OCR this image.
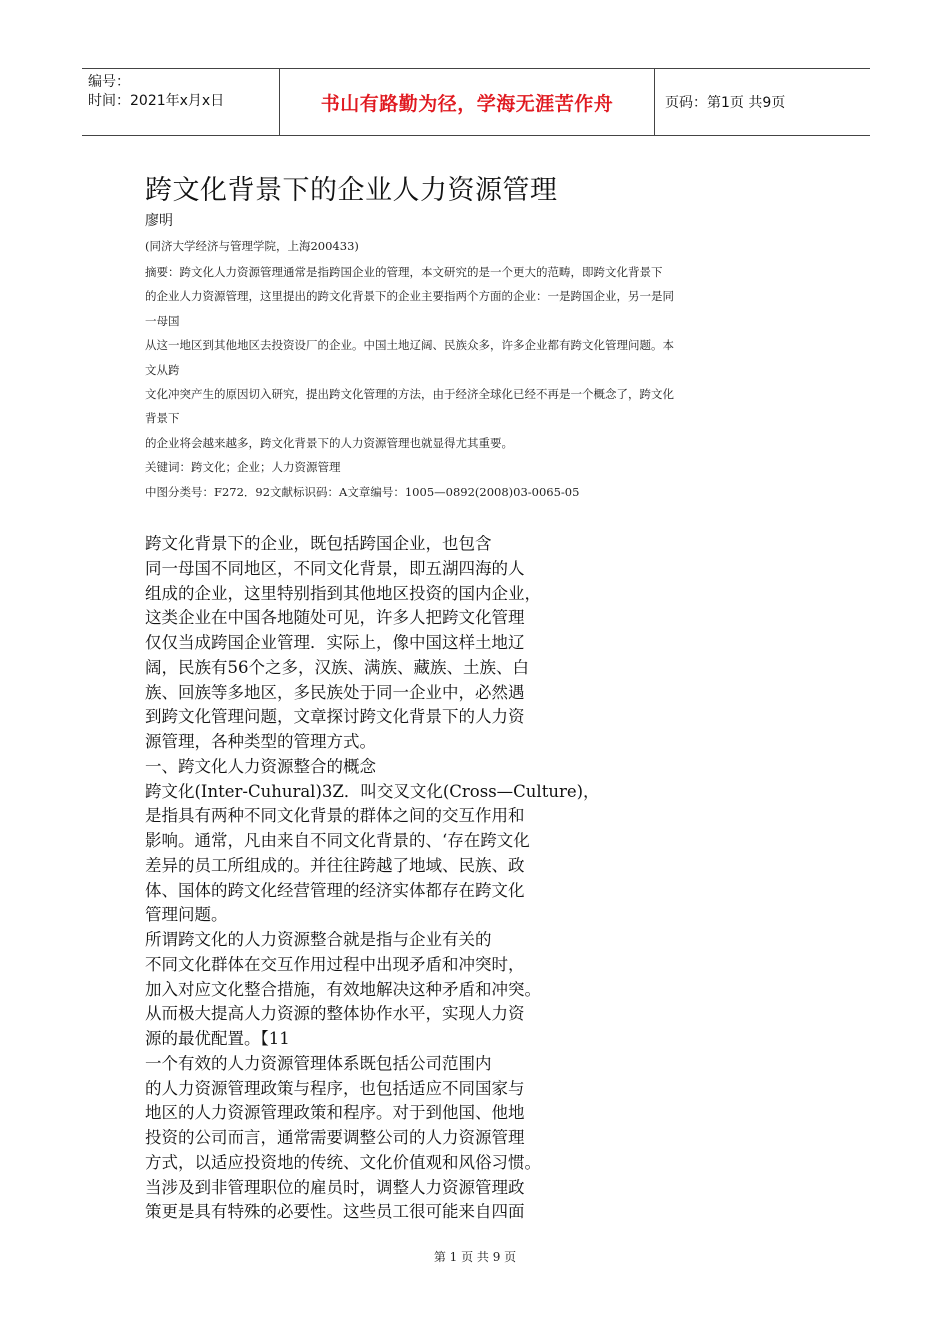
编号：
时间：2021年x月x日	书山有路勤为径，学海无涯苦作舟	页码：第1页 共9页
跨文化背景下的企业人力资源管理
廖明
(同济大学经济与管理学院，上海200433)
摘要：跨文化人力资源管理通常是指跨国企业的管理，本文研究的是一个更大的范畴，即跨文化背景下
的企业人力资源管理，这里提出的跨文化背景下的企业主要指两个方面的企业：一是跨国企业，另一是同
一母国
从这一地区到其他地区去投资设厂的企业。中国土地辽阔、民族众多，许多企业都有跨文化管理问题。本
文从跨
文化冲突产生的原因切入研究，提出跨文化管理的方法，由于经济全球化已经不再是一个概念了，跨文化
背景下
的企业将会越来越多，跨文化背景下的人力资源管理也就显得尤其重要。
关键词：跨文化；企业；人力资源管理
中图分类号：F272．92文献标识码：A文章编号：1005—0892(2008)03-0065-05
跨文化背景下的企业，既包括跨国企业，也包含
同一母国不同地区，不同文化背景，即五湖四海的人
组成的企业，这里特别指到其他地区投资的国内企业，
这类企业在中国各地随处可见，许多人把跨文化管理
仅仅当成跨国企业管理．实际上，像中国这样土地辽
阔，民族有56个之多，汉族、满族、藏族、土族、白
族、回族等多地区，多民族处于同一企业中，必然遇
到跨文化管理问题，文章探讨跨文化背景下的人力资
源管理，各种类型的管理方式。
一、跨文化人力资源整合的概念
跨文化(Inter-Cuhural)3Z．叫交叉文化(Cross—Culture)，
是指具有两种不同文化背景的群体之间的交互作用和
影响。通常，凡由来自不同文化背景的、‘存在跨文化
差异的员工所组成的。并往往跨越了地域、民族、政
体、国体的跨文化经营管理的经济实体都存在跨文化
管理问题。
所谓跨文化的人力资源整合就是指与企业有关的
不同文化群体在交互作用过程中出现矛盾和冲突时，
加入对应文化整合措施，有效地解决这种矛盾和冲突。
从而极大提高人力资源的整体协作水平，实现人力资
源的最优配置。【11
一个有效的人力资源管理体系既包括公司范围内
的人力资源管理政策与程序，也包括适应不同国家与
地区的人力资源管理政策和程序。对于到他国、他地
投资的公司而言，通常需要调整公司的人力资源管理
方式，以适应投资地的传统、文化价值观和风俗习惯。
当涉及到非管理职位的雇员时，调整人力资源管理政
策更是具有特殊的必要性。这些员工很可能来自四面
第 1 页 共 9 页
